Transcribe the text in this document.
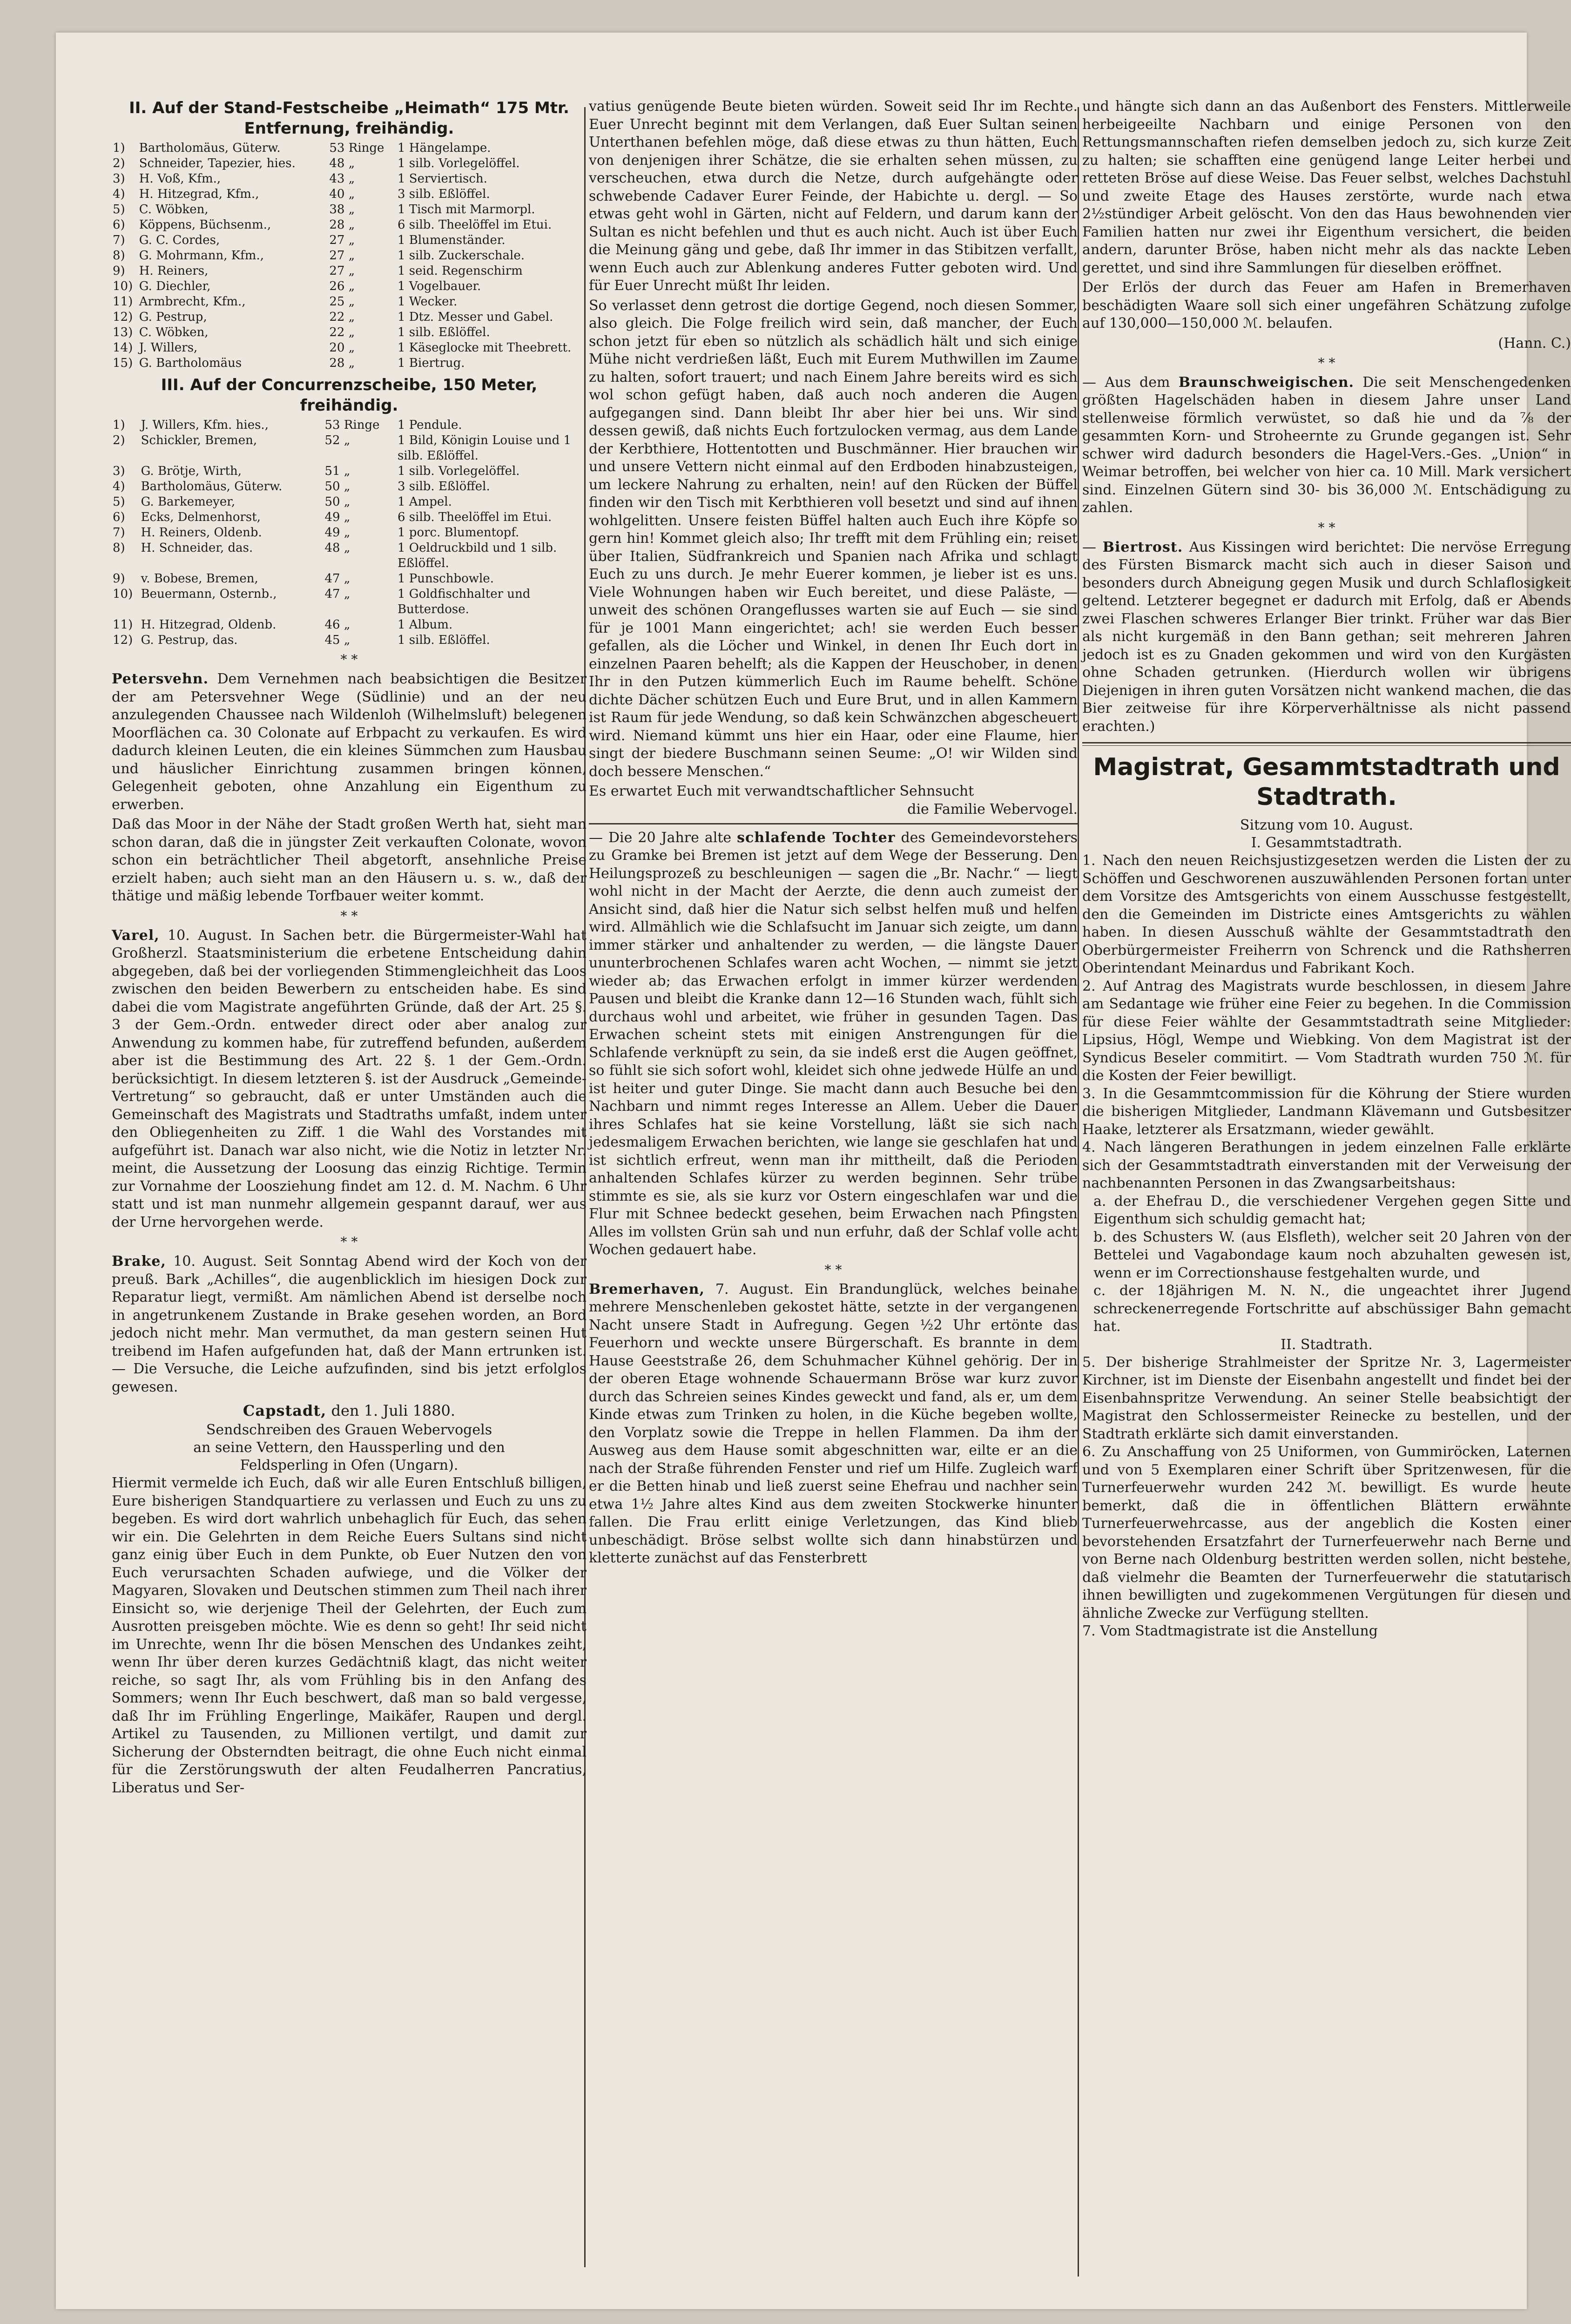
II. Auf der Stand-Festscheibe „Heimath“ 175 Mtr. Entfernung, freihändig.

1)	Bartholomäus, Güterw.	53 Ringe	1 Hängelampe.
2)	Schneider, Tapezier, hies.	48 „	1 silb. Vorlegelöffel.
3)	H. Voß, Kfm.,	43 „	1 Serviertisch.
4)	H. Hitzegrad, Kfm.,	40 „	3 silb. Eßlöffel.
5)	C. Wöbken,	38 „	1 Tisch mit Marmorpl.
6)	Köppens, Büchsenm.,	28 „	6 silb. Theelöffel im Etui.
7)	G. C. Cordes,	27 „	1 Blumenständer.
8)	G. Mohrmann, Kfm.,	27 „	1 silb. Zuckerschale.
9)	H. Reiners,	27 „	1 seid. Regenschirm
10)	G. Diechler,	26 „	1 Vogelbauer.
11)	Armbrecht, Kfm.,	25 „	1 Wecker.
12)	G. Pestrup,	22 „	1 Dtz. Messer und Gabel.
13)	C. Wöbken,	22 „	1 silb. Eßlöffel.
14)	J. Willers,	20 „	1 Käseglocke mit Theebrett.
15)	G. Bartholomäus	28 „	1 Biertrug.

III. Auf der Concurrenzscheibe, 150 Meter, freihändig.

1)	J. Willers, Kfm. hies.,	53 Ringe	1 Pendule.
2)	Schickler, Bremen,	52 „	1 Bild, Königin Louise und 1 silb. Eßlöffel.
3)	G. Brötje, Wirth,	51 „	1 silb. Vorlegelöffel.
4)	Bartholomäus, Güterw.	50 „	3 silb. Eßlöffel.
5)	G. Barkemeyer,	50 „	1 Ampel.
6)	Ecks, Delmenhorst,	49 „	6 silb. Theelöffel im Etui.
7)	H. Reiners, Oldenb.	49 „	1 porc. Blumentopf.
8)	H. Schneider, das.	48 „	1 Oeldruckbild und 1 silb. Eßlöffel.
9)	v. Bobese, Bremen,	47 „	1 Punschbowle.
10)	Beuermann, Osternb.,	47 „	1 Goldfischhalter und Butterdose.
11)	H. Hitzegrad, Oldenb.	46 „	1 Album.
12)	G. Pestrup, das.	45 „	1 silb. Eßlöffel.
* *

Petersvehn. Dem Vernehmen nach beabsichtigen die Besitzer der am Petersvehner Wege (Südlinie) und an der neu anzulegenden Chaussee nach Wildenloh (Wilhelmsluft) belegenen Moorflächen ca. 30 Colonate auf Erbpacht zu verkaufen. Es wird dadurch kleinen Leuten, die ein kleines Sümmchen zum Hausbau und häuslicher Einrichtung zusammen bringen können, Gelegenheit geboten, ohne Anzahlung ein Eigenthum zu erwerben.

Daß das Moor in der Nähe der Stadt großen Werth hat, sieht man schon daran, daß die in jüngster Zeit verkauften Colonate, wovon schon ein beträchtlicher Theil abgetorft, ansehnliche Preise erzielt haben; auch sieht man an den Häusern u. s. w., daß der thätige und mäßig lebende Torfbauer weiter kommt.

* *

Varel, 10. August. In Sachen betr. die Bürgermeister-Wahl hat Großherzl. Staatsministerium die erbetene Entscheidung dahin abgegeben, daß bei der vorliegenden Stimmengleichheit das Loos zwischen den beiden Bewerbern zu entscheiden habe. Es sind dabei die vom Magistrate angeführten Gründe, daß der Art. 25 §. 3 der Gem.-Ordn. entweder direct oder aber analog zur Anwendung zu kommen habe, für zutreffend befunden, außerdem aber ist die Bestimmung des Art. 22 §. 1 der Gem.-Ordn. berücksichtigt. In diesem letzteren §. ist der Ausdruck „Gemeinde-Vertretung“ so gebraucht, daß er unter Umständen auch die Gemeinschaft des Magistrats und Stadtraths umfaßt, indem unter den Obliegenheiten zu Ziff. 1 die Wahl des Vorstandes mit aufgeführt ist. Danach war also nicht, wie die Notiz in letzter Nr. meint, die Aussetzung der Loosung das einzig Richtige. Termin zur Vornahme der Loosziehung findet am 12. d. M. Nachm. 6 Uhr statt und ist man nunmehr allgemein gespannt darauf, wer aus der Urne hervorgehen werde.

* *

Brake, 10. August. Seit Sonntag Abend wird der Koch von der preuß. Bark „Achilles“, die augenblicklich im hiesigen Dock zur Reparatur liegt, vermißt. Am nämlichen Abend ist derselbe noch in angetrunkenem Zustande in Brake gesehen worden, an Bord jedoch nicht mehr. Man vermuthet, da man gestern seinen Hut treibend im Hafen aufgefunden hat, daß der Mann ertrunken ist. — Die Versuche, die Leiche aufzufinden, sind bis jetzt erfolglos gewesen.

Capstadt, den 1. Juli 1880.

Sendschreiben des Grauen Webervogels

an seine Vettern, den Haussperling und den

Feldsperling in Ofen (Ungarn).

Hiermit vermelde ich Euch, daß wir alle Euren Entschluß billigen, Eure bisherigen Standquartiere zu verlassen und Euch zu uns zu begeben. Es wird dort wahrlich unbehaglich für Euch, das sehen wir ein. Die Gelehrten in dem Reiche Euers Sultans sind nicht ganz einig über Euch in dem Punkte, ob Euer Nutzen den von Euch verursachten Schaden aufwiege, und die Völker der Magyaren, Slovaken und Deutschen stimmen zum Theil nach ihrer Einsicht so, wie derjenige Theil der Gelehrten, der Euch zum Ausrotten preisgeben möchte. Wie es denn so geht! Ihr seid nicht im Unrechte, wenn Ihr die bösen Menschen des Undankes zeiht, wenn Ihr über deren kurzes Gedächtniß klagt, das nicht weiter reiche, so sagt Ihr, als vom Frühling bis in den Anfang des Sommers; wenn Ihr Euch beschwert, daß man so bald vergesse, daß Ihr im Frühling Engerlinge, Maikäfer, Raupen und dergl. Artikel zu Tausenden, zu Millionen vertilgt, und damit zur Sicherung der Obsterndten beitragt, die ohne Euch nicht einmal für die Zerstörungswuth der alten Feudalherren Pancratius, Liberatus und Ser-

vatius genügende Beute bieten würden. Soweit seid Ihr im Rechte. Euer Unrecht beginnt mit dem Verlangen, daß Euer Sultan seinen Unterthanen befehlen möge, daß diese etwas zu thun hätten, Euch von denjenigen ihrer Schätze, die sie erhalten sehen müssen, zu verscheuchen, etwa durch die Netze, durch aufgehängte oder schwebende Cadaver Eurer Feinde, der Habichte u. dergl. — So etwas geht wohl in Gärten, nicht auf Feldern, und darum kann der Sultan es nicht befehlen und thut es auch nicht. Auch ist über Euch die Meinung gäng und gebe, daß Ihr immer in das Stibitzen verfallt, wenn Euch auch zur Ablenkung anderes Futter geboten wird. Und für Euer Unrecht müßt Ihr leiden.

So verlasset denn getrost die dortige Gegend, noch diesen Sommer, also gleich. Die Folge freilich wird sein, daß mancher, der Euch schon jetzt für eben so nützlich als schädlich hält und sich einige Mühe nicht verdrießen läßt, Euch mit Eurem Muthwillen im Zaume zu halten, sofort trauert; und nach Einem Jahre bereits wird es sich wol schon gefügt haben, daß auch noch anderen die Augen aufgegangen sind. Dann bleibt Ihr aber hier bei uns. Wir sind dessen gewiß, daß nichts Euch fortzulocken vermag, aus dem Lande der Kerbthiere, Hottentotten und Buschmänner. Hier brauchen wir und unsere Vettern nicht einmal auf den Erdboden hinabzusteigen, um leckere Nahrung zu erhalten, nein! auf den Rücken der Büffel finden wir den Tisch mit Kerbthieren voll besetzt und sind auf ihnen wohlgelitten. Unsere feisten Büffel halten auch Euch ihre Köpfe so gern hin! Kommet gleich also; Ihr trefft mit dem Frühling ein; reiset über Italien, Südfrankreich und Spanien nach Afrika und schlagt Euch zu uns durch. Je mehr Euerer kommen, je lieber ist es uns. Viele Wohnungen haben wir Euch bereitet, und diese Paläste, — unweit des schönen Orangeflusses warten sie auf Euch — sie sind für je 1001 Mann eingerichtet; ach! sie werden Euch besser gefallen, als die Löcher und Winkel, in denen Ihr Euch dort in einzelnen Paaren behelft; als die Kappen der Heuschober, in denen Ihr in den Putzen kümmerlich Euch im Raume behelft. Schöne dichte Dächer schützen Euch und Eure Brut, und in allen Kammern ist Raum für jede Wendung, so daß kein Schwänzchen abgescheuert wird. Niemand kümmt uns hier ein Haar, oder eine Flaume, hier singt der biedere Buschmann seinen Seume: „O! wir Wilden sind doch bessere Menschen.“

Es erwartet Euch mit verwandtschaftlicher Sehnsucht

die Familie Webervogel.

— Die 20 Jahre alte schlafende Tochter des Gemeindevorstehers zu Gramke bei Bremen ist jetzt auf dem Wege der Besserung. Den Heilungsprozeß zu beschleunigen — sagen die „Br. Nachr.“ — liegt wohl nicht in der Macht der Aerzte, die denn auch zumeist der Ansicht sind, daß hier die Natur sich selbst helfen muß und helfen wird. Allmählich wie die Schlafsucht im Januar sich zeigte, um dann immer stärker und anhaltender zu werden, — die längste Dauer ununterbrochenen Schlafes waren acht Wochen, — nimmt sie jetzt wieder ab; das Erwachen erfolgt in immer kürzer werdenden Pausen und bleibt die Kranke dann 12—16 Stunden wach, fühlt sich durchaus wohl und arbeitet, wie früher in gesunden Tagen. Das Erwachen scheint stets mit einigen Anstrengungen für die Schlafende verknüpft zu sein, da sie indeß erst die Augen geöffnet, so fühlt sie sich sofort wohl, kleidet sich ohne jedwede Hülfe an und ist heiter und guter Dinge. Sie macht dann auch Besuche bei den Nachbarn und nimmt reges Interesse an Allem. Ueber die Dauer ihres Schlafes hat sie keine Vorstellung, läßt sie sich nach jedesmaligem Erwachen berichten, wie lange sie geschlafen hat und ist sichtlich erfreut, wenn man ihr mittheilt, daß die Perioden anhaltenden Schlafes kürzer zu werden beginnen. Sehr trübe stimmte es sie, als sie kurz vor Ostern eingeschlafen war und die Flur mit Schnee bedeckt gesehen, beim Erwachen nach Pfingsten Alles im vollsten Grün sah und nun erfuhr, daß der Schlaf volle acht Wochen gedauert habe.

* *

Bremerhaven, 7. August. Ein Brandunglück, welches beinahe mehrere Menschenleben gekostet hätte, setzte in der vergangenen Nacht unsere Stadt in Aufregung. Gegen ½2 Uhr ertönte das Feuerhorn und weckte unsere Bürgerschaft. Es brannte in dem Hause Geeststraße 26, dem Schuhmacher Kühnel gehörig. Der in der oberen Etage wohnende Schauermann Bröse war kurz zuvor durch das Schreien seines Kindes geweckt und fand, als er, um dem Kinde etwas zum Trinken zu holen, in die Küche begeben wollte, den Vorplatz sowie die Treppe in hellen Flammen. Da ihm der Ausweg aus dem Hause somit abgeschnitten war, eilte er an die nach der Straße führenden Fenster und rief um Hilfe. Zugleich warf er die Betten hinab und ließ zuerst seine Ehefrau und nachher sein etwa 1½ Jahre altes Kind aus dem zweiten Stockwerke hinunter fallen. Die Frau erlitt einige Verletzungen, das Kind blieb unbeschädigt. Bröse selbst wollte sich dann hinabstürzen und kletterte zunächst auf das Fensterbrett

und hängte sich dann an das Außenbort des Fensters. Mittlerweile herbeigeeilte Nachbarn und einige Personen von den Rettungsmannschaften riefen demselben jedoch zu, sich kurze Zeit zu halten; sie schafften eine genügend lange Leiter herbei und retteten Bröse auf diese Weise. Das Feuer selbst, welches Dachstuhl und zweite Etage des Hauses zerstörte, wurde nach etwa 2½stündiger Arbeit gelöscht. Von den das Haus bewohnenden vier Familien hatten nur zwei ihr Eigenthum versichert, die beiden andern, darunter Bröse, haben nicht mehr als das nackte Leben gerettet, und sind ihre Sammlungen für dieselben eröffnet.

Der Erlös der durch das Feuer am Hafen in Bremerhaven beschädigten Waare soll sich einer ungefähren Schätzung zufolge auf 130,000—150,000 ℳ. belaufen.

(Hann. C.)

* *

— Aus dem Braunschweigischen. Die seit Menschengedenken größten Hagelschäden haben in diesem Jahre unser Land stellenweise förmlich verwüstet, so daß hie und da ⅞ der gesammten Korn- und Stroheernte zu Grunde gegangen ist. Sehr schwer wird dadurch besonders die Hagel-Vers.-Ges. „Union“ in Weimar betroffen, bei welcher von hier ca. 10 Mill. Mark versichert sind. Einzelnen Gütern sind 30- bis 36,000 ℳ. Entschädigung zu zahlen.

* *

— Biertrost. Aus Kissingen wird berichtet: Die nervöse Erregung des Fürsten Bismarck macht sich auch in dieser Saison und besonders durch Abneigung gegen Musik und durch Schlaflosigkeit geltend. Letzterer begegnet er dadurch mit Erfolg, daß er Abends zwei Flaschen schweres Erlanger Bier trinkt. Früher war das Bier als nicht kurgemäß in den Bann gethan; seit mehreren Jahren jedoch ist es zu Gnaden gekommen und wird von den Kurgästen ohne Schaden getrunken. (Hierdurch wollen wir übrigens Diejenigen in ihren guten Vorsätzen nicht wankend machen, die das Bier zeitweise für ihre Körperverhältnisse als nicht passend erachten.)

Magistrat, Gesammtstadtrath und Stadtrath.

Sitzung vom 10. August.

I. Gesammtstadtrath.

1. Nach den neuen Reichsjustizgesetzen werden die Listen der zu Schöffen und Geschworenen auszuwählenden Personen fortan unter dem Vorsitze des Amtsgerichts von einem Ausschusse festgestellt, den die Gemeinden im Districte eines Amtsgerichts zu wählen haben. In diesen Ausschuß wählte der Gesammtstadtrath den Oberbürgermeister Freiherrn von Schrenck und die Rathsherren Oberintendant Meinardus und Fabrikant Koch.

2. Auf Antrag des Magistrats wurde beschlossen, in diesem Jahre am Sedantage wie früher eine Feier zu begehen. In die Commission für diese Feier wählte der Gesammtstadtrath seine Mitglieder: Lipsius, Högl, Wempe und Wiebking. Von dem Magistrat ist der Syndicus Beseler commitirt. — Vom Stadtrath wurden 750 ℳ. für die Kosten der Feier bewilligt.

3. In die Gesammtcommission für die Köhrung der Stiere wurden die bisherigen Mitglieder, Landmann Klävemann und Gutsbesitzer Haake, letzterer als Ersatzmann, wieder gewählt.

4. Nach längeren Berathungen in jedem einzelnen Falle erklärte sich der Gesammtstadtrath einverstanden mit der Verweisung der nachbenannten Personen in das Zwangsarbeitshaus:

a. der Ehefrau D., die verschiedener Vergehen gegen Sitte und Eigenthum sich schuldig gemacht hat;

b. des Schusters W. (aus Elsfleth), welcher seit 20 Jahren von der Bettelei und Vagabondage kaum noch abzuhalten gewesen ist, wenn er im Correctionshause festgehalten wurde, und

c. der 18jährigen M. N. N., die ungeachtet ihrer Jugend schreckenerregende Fortschritte auf abschüssiger Bahn gemacht hat.

II. Stadtrath.

5. Der bisherige Strahlmeister der Spritze Nr. 3, Lagermeister Kirchner, ist im Dienste der Eisenbahn angestellt und findet bei der Eisenbahnspritze Verwendung. An seiner Stelle beabsichtigt der Magistrat den Schlossermeister Reinecke zu bestellen, und der Stadtrath erklärte sich damit einverstanden.

6. Zu Anschaffung von 25 Uniformen, von Gummiröcken, Laternen und von 5 Exemplaren einer Schrift über Spritzenwesen, für die Turnerfeuerwehr wurden 242 ℳ. bewilligt. Es wurde heute bemerkt, daß die in öffentlichen Blättern erwähnte Turnerfeuerwehrcasse, aus der angeblich die Kosten einer bevorstehenden Ersatzfahrt der Turnerfeuerwehr nach Berne und von Berne nach Oldenburg bestritten werden sollen, nicht bestehe, daß vielmehr die Beamten der Turnerfeuerwehr die statutarisch ihnen bewilligten und zugekommenen Vergütungen für diesen und ähnliche Zwecke zur Verfügung stellten.

7. Vom Stadtmagistrate ist die Anstellung
